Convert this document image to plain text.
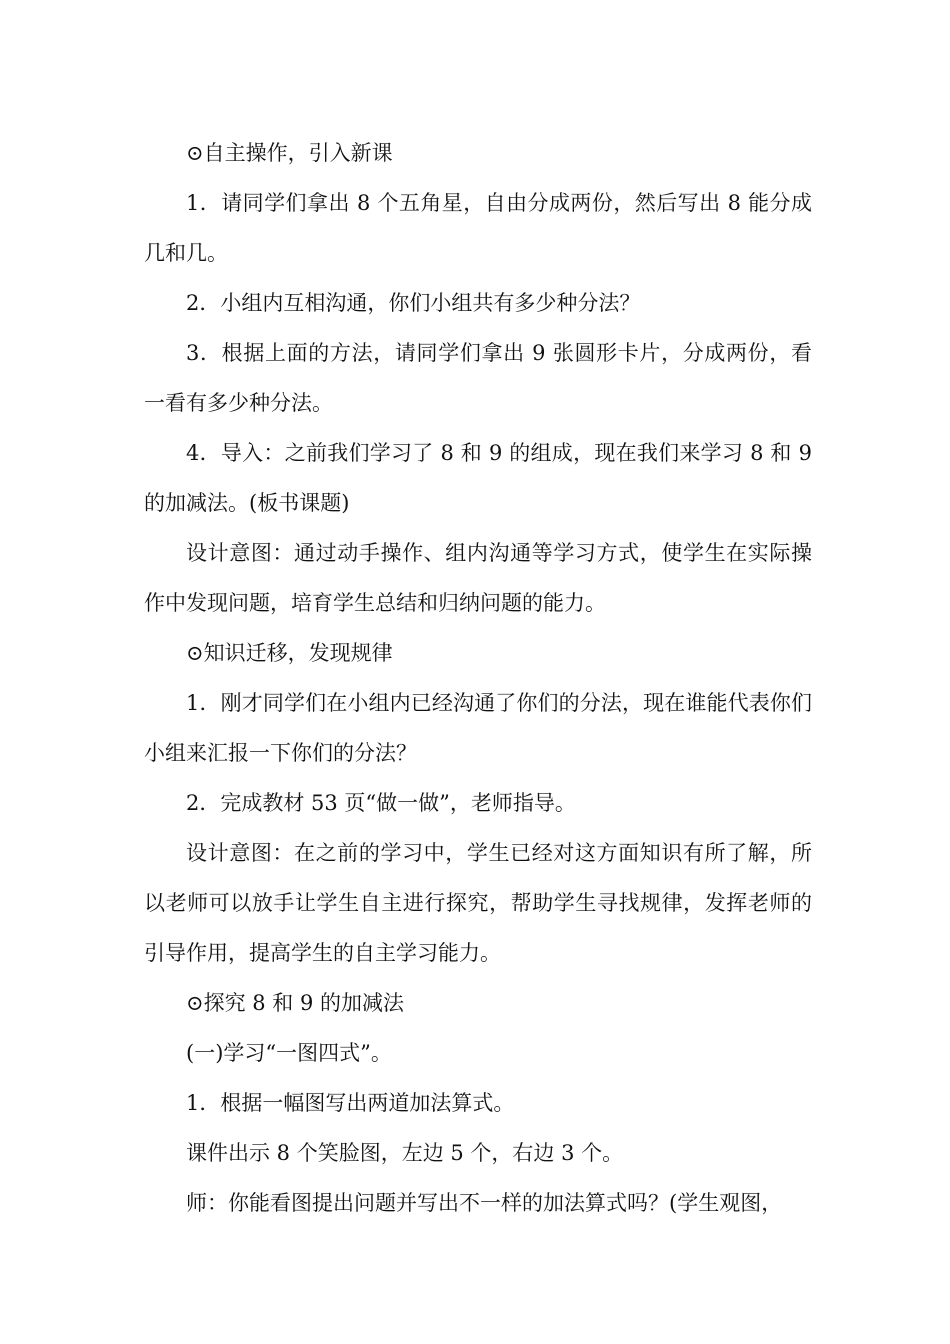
⊙自主操作，引入新课

1．请同学们拿出 8 个五角星，自由分成两份，然后写出 8 能分成几和几。

2．小组内互相沟通，你们小组共有多少种分法？

3．根据上面的方法，请同学们拿出 9 张圆形卡片，分成两份，看一看有多少种分法。

4．导入：之前我们学习了 8 和 9 的组成，现在我们来学习 8 和 9 的加减法。(板书课题)

设计意图：通过动手操作、组内沟通等学习方式，使学生在实际操作中发现问题，培育学生总结和归纳问题的能力。

⊙知识迁移，发现规律

1．刚才同学们在小组内已经沟通了你们的分法，现在谁能代表你们小组来汇报一下你们的分法？

2．完成教材 53 页“做一做”，老师指导。

设计意图：在之前的学习中，学生已经对这方面知识有所了解，所以老师可以放手让学生自主进行探究，帮助学生寻找规律，发挥老师的引导作用，提高学生的自主学习能力。

⊙探究 8 和 9 的加减法

(一)学习“一图四式”。

1．根据一幅图写出两道加法算式。

课件出示 8 个笑脸图，左边 5 个，右边 3 个。

师：你能看图提出问题并写出不一样的加法算式吗？(学生观图，
